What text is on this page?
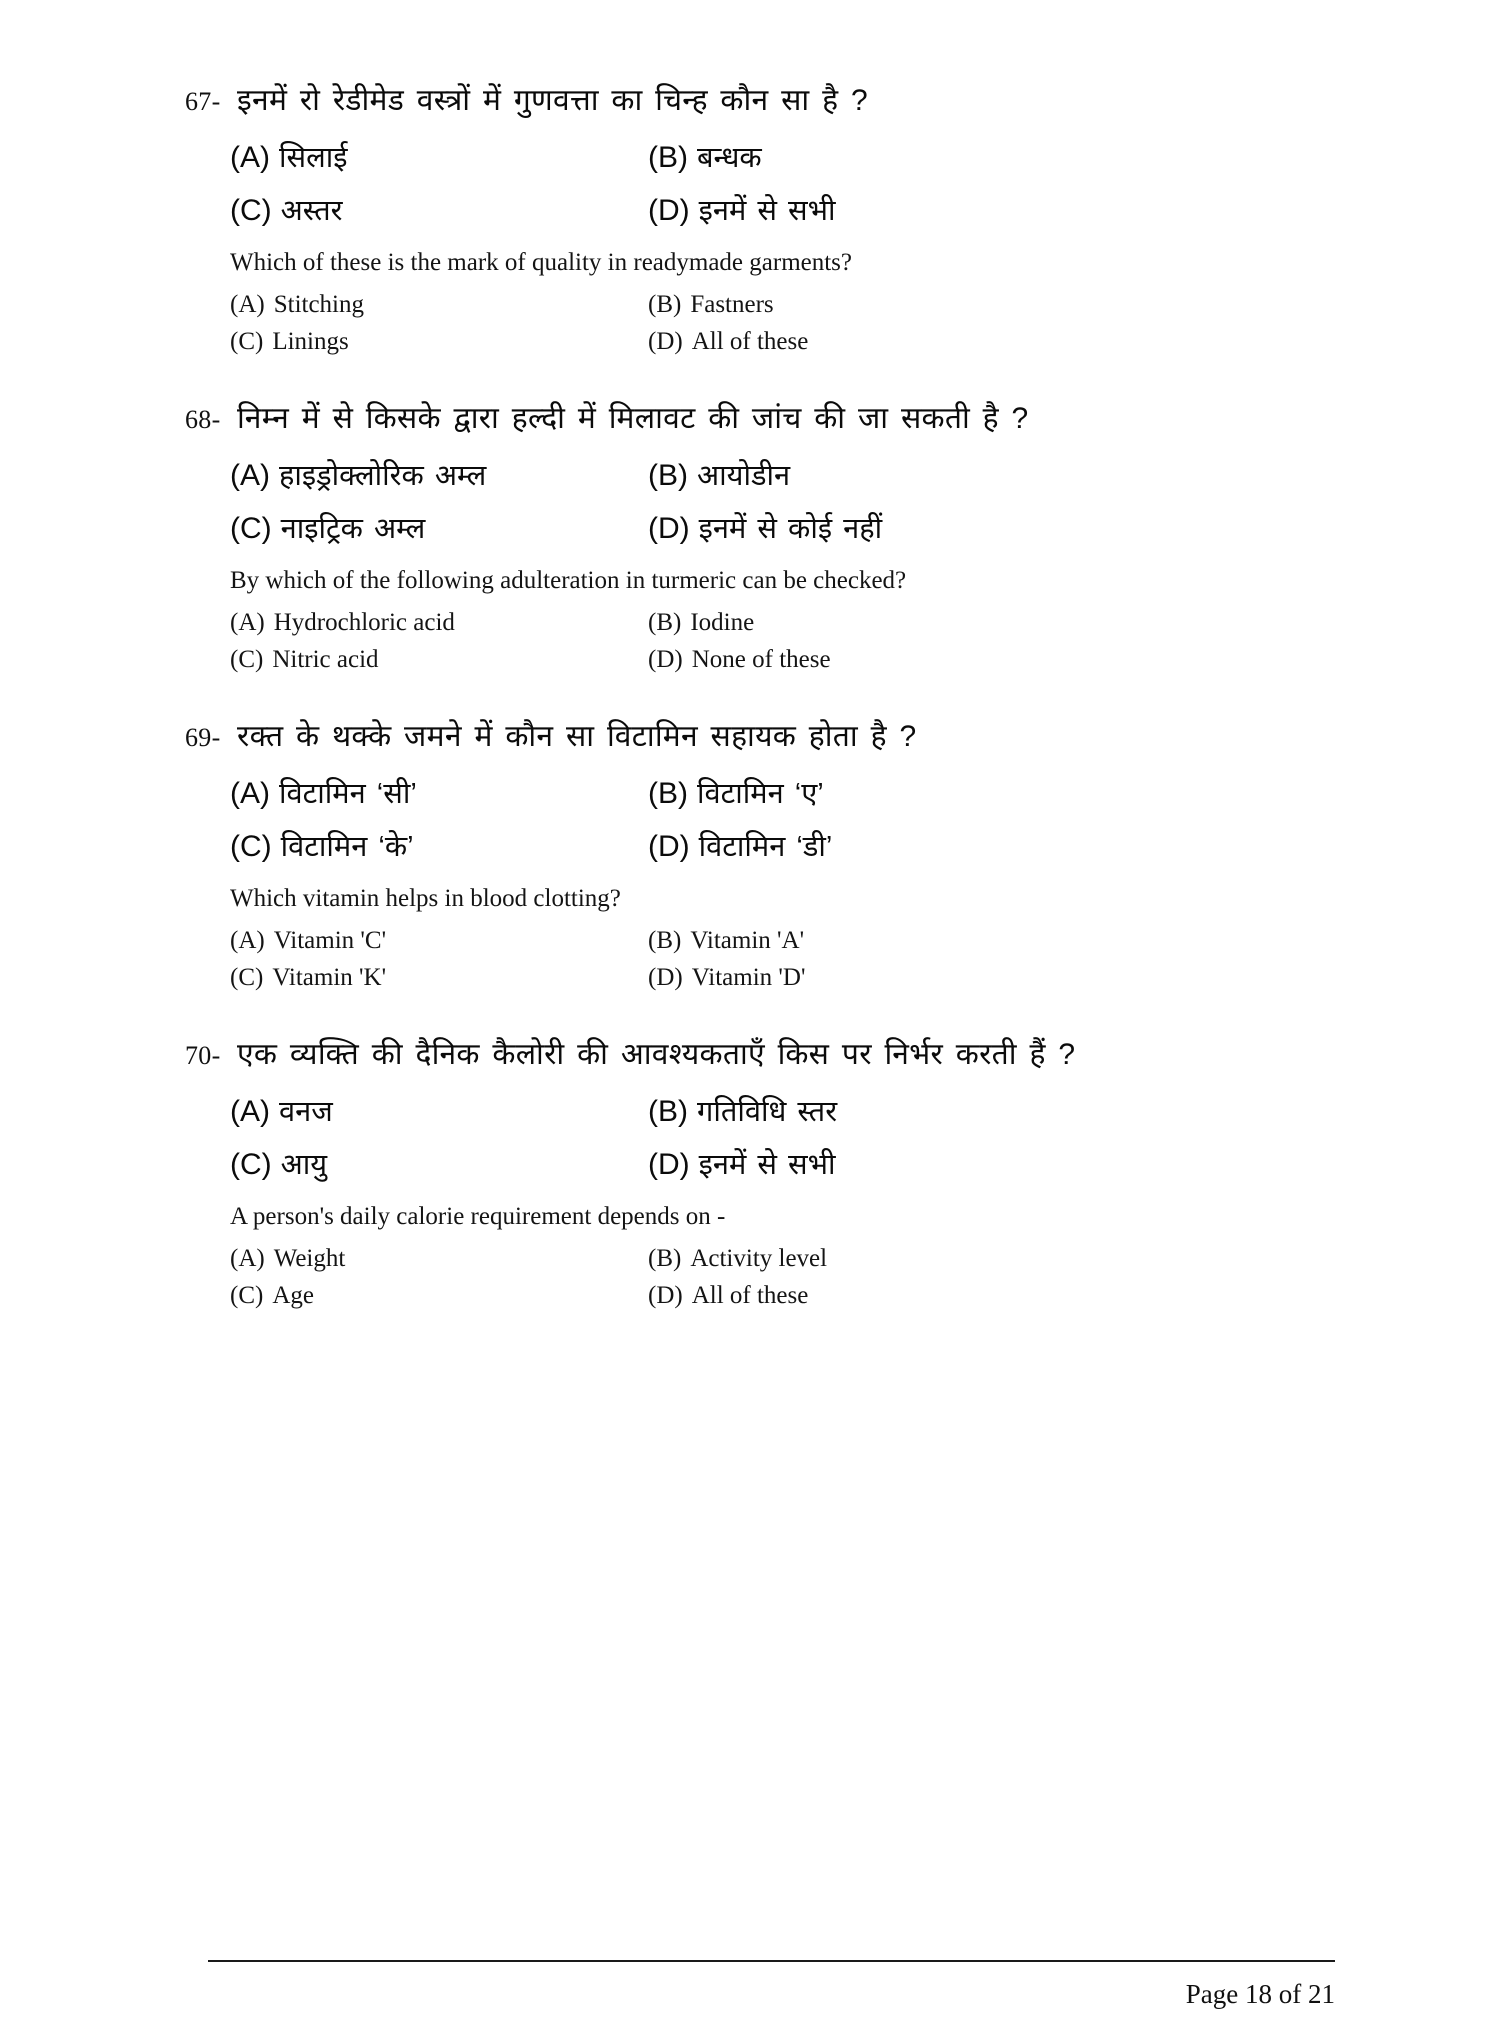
67- इनमें रो रेडीमेड वस्त्रों में गुणवत्ता का चिन्ह कौन सा है ?
(A) सिलाई	(B) बन्धक
(C) अस्तर	(D) इनमें से सभी
Which of these is the mark of quality in readymade garments?
(A) Stitching	(B) Fastners
(C) Linings	(D) All of these
68- निम्न में से किसके द्वारा हल्दी में मिलावट की जांच की जा सकती है ?
(A) हाइड्रोक्लोरिक अम्ल	(B) आयोडीन
(C) नाइट्रिक अम्ल	(D) इनमें से कोई नहीं
By which of the following adulteration in turmeric can be checked?
(A) Hydrochloric acid	(B) Iodine
(C) Nitric acid	(D) None of these
69- रक्त के थक्के जमने में कौन सा विटामिन सहायक होता है ?
(A) विटामिन ‘सी’	(B) विटामिन ‘ए’
(C) विटामिन ‘के’	(D) विटामिन ‘डी’
Which vitamin helps in blood clotting?
(A) Vitamin 'C'	(B) Vitamin 'A'
(C) Vitamin 'K'	(D) Vitamin 'D'
70- एक व्यक्ति की दैनिक कैलोरी की आवश्यकताएँ किस पर निर्भर करती हैं ?
(A) वनज	(B) गतिविधि स्तर
(C) आयु	(D) इनमें से सभी
A person's daily calorie requirement depends on -
(A) Weight	(B) Activity level
(C) Age	(D) All of these
Page 18 of 21
